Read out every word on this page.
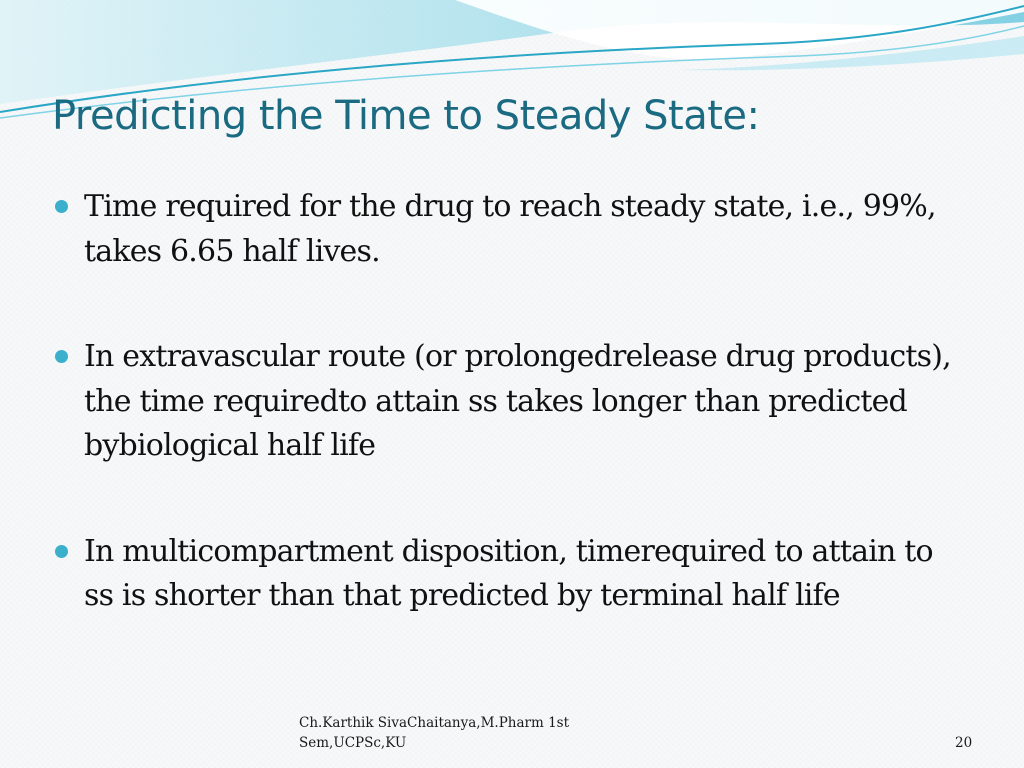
Predicting the Time to Steady State:
Time required for the drug to reach steady state, i.e., 99%, takes 6.65 half lives.
In extravascular route (or prolongedrelease drug products), the time requiredto attain ss takes longer than predicted bybiological half life
In multicompartment disposition, timerequired to attain to ss is shorter than that predicted by terminal half life
Ch.Karthik SivaChaitanya,M.Pharm 1st Sem,UCPSc,KU	20
